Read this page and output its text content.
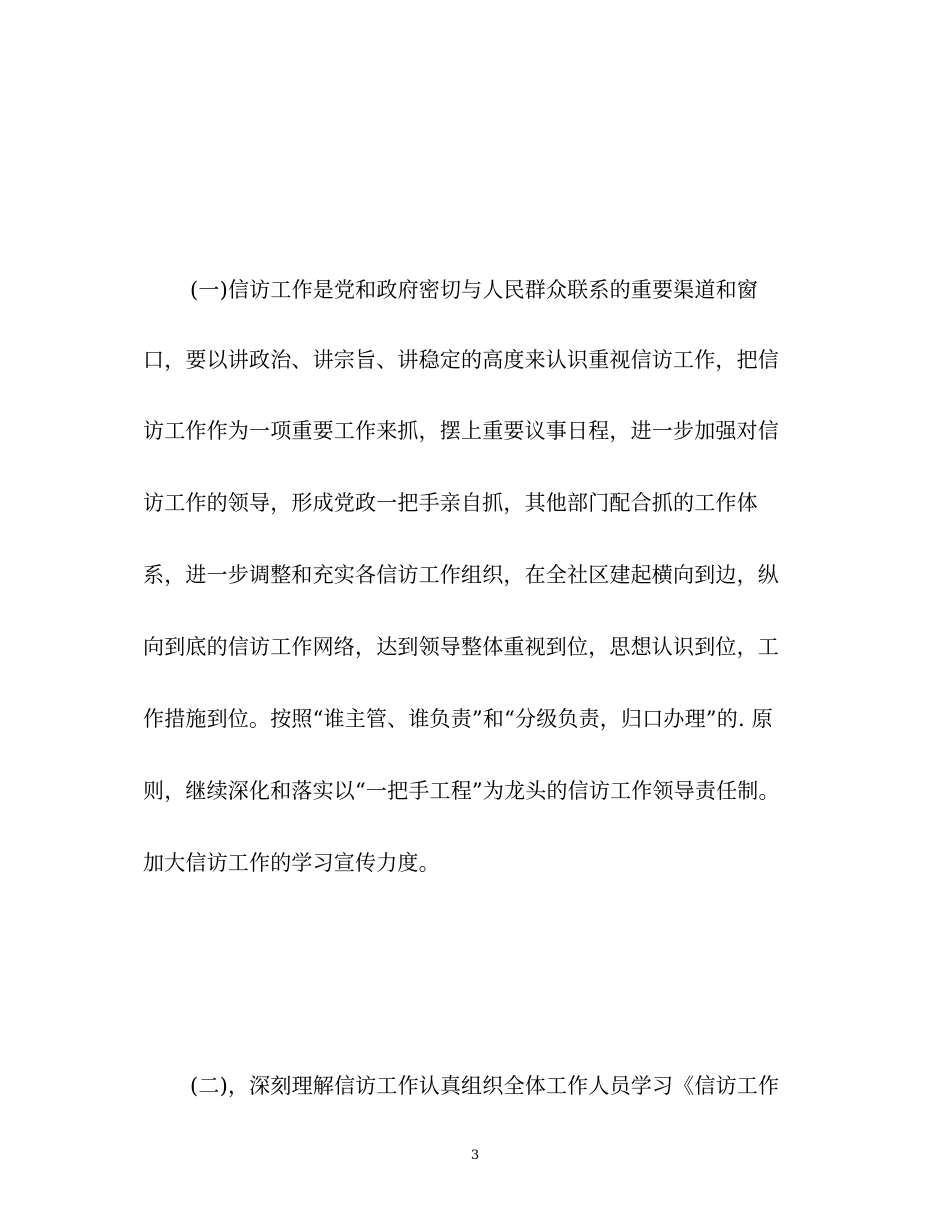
(一)信访工作是党和政府密切与人民群众联系的重要渠道和窗
口，要以讲政治、讲宗旨、讲稳定的高度来认识重视信访工作，把信
访工作作为一项重要工作来抓，摆上重要议事日程，进一步加强对信
访工作的领导，形成党政一把手亲自抓，其他部门配合抓的工作体
系，进一步调整和充实各信访工作组织，在全社区建起横向到边，纵
向到底的信访工作网络，达到领导整体重视到位，思想认识到位，工
作措施到位。按照“谁主管、谁负责”和“分级负责，归口办理”的. 原
则，继续深化和落实以“一把手工程”为龙头的信访工作领导责任制。
加大信访工作的学习宣传力度。
(二)，深刻理解信访工作认真组织全体工作人员学习《信访工作
3
